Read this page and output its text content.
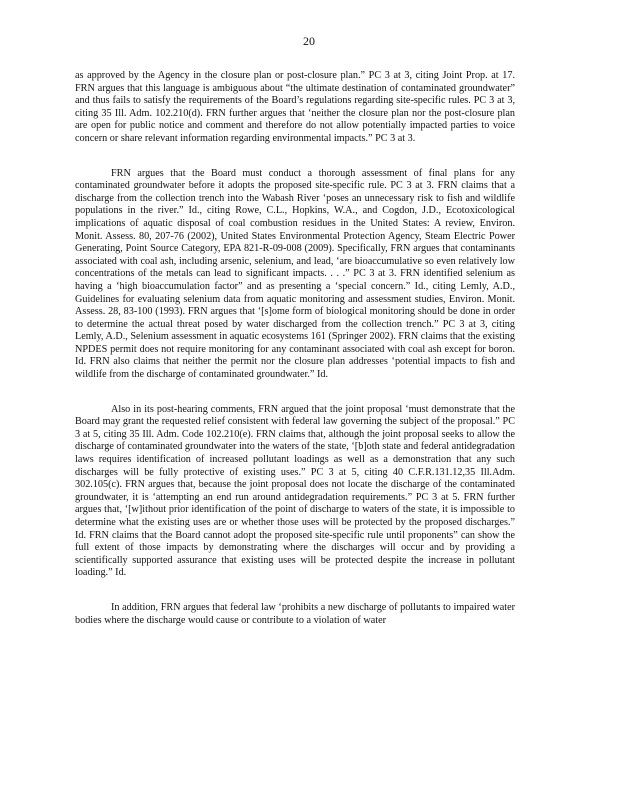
20

as approved by the Agency in the closure plan or post-closure plan.” PC 3 at 3, citing Joint Prop. at 17. FRN argues that this language is ambiguous about “the ultimate destination of contaminated groundwater” and thus fails to satisfy the requirements of the Board’s regulations regarding site-specific rules. PC 3 at 3, citing 35 Ill. Adm. 102.210(d). FRN further argues that ‘neither the closure plan nor the post-closure plan are open for public notice and comment and therefore do not allow potentially impacted parties to voice concern or share relevant information regarding environmental impacts.” PC 3 at 3.

FRN argues that the Board must conduct a thorough assessment of final plans for any contaminated groundwater before it adopts the proposed site-specific rule. PC 3 at 3. FRN claims that a discharge from the collection trench into the Wabash River ‘poses an unnecessary risk to fish and wildlife populations in the river.” Id., citing Rowe, C.L., Hopkins, W.A., and Cogdon, J.D., Ecotoxicological implications of aquatic disposal of coal combustion residues in the United States: A review, Environ. Monit. Assess. 80, 207-76 (2002), United States Environmental Protection Agency, Steam Electric Power Generating, Point Source Category, EPA 821-R-09-008 (2009). Specifically, FRN argues that contaminants associated with coal ash, including arsenic, selenium, and lead, ‘are bioaccumulative so even relatively low concentrations of the metals can lead to significant impacts. . . .” PC 3 at 3. FRN identified selenium as having a ‘high bioaccumulation factor” and as presenting a ‘special concern.” Id., citing Lemly, A.D., Guidelines for evaluating selenium data from aquatic monitoring and assessment studies, Environ. Monit. Assess. 28, 83-100 (1993). FRN argues that ‘[s]ome form of biological monitoring should be done in order to determine the actual threat posed by water discharged from the collection trench.” PC 3 at 3, citing Lemly, A.D., Selenium assessment in aquatic ecosystems 161 (Springer 2002). FRN claims that the existing NPDES permit does not require monitoring for any contaminant associated with coal ash except for boron. Id. FRN also claims that neither the permit nor the closure plan addresses ‘potential impacts to fish and wildlife from the discharge of contaminated groundwater.” Id.

Also in its post-hearing comments, FRN argued that the joint proposal ‘must demonstrate that the Board may grant the requested relief consistent with federal law governing the subject of the proposal.” PC 3 at 5, citing 35 Ill. Adm. Code 102.210(e). FRN claims that, although the joint proposal seeks to allow the discharge of contaminated groundwater into the waters of the state, ‘[b]oth state and federal antidegradation laws requires identification of increased pollutant loadings as well as a demonstration that any such discharges will be fully protective of existing uses.” PC 3 at 5, citing 40 C.F.R.131.12,35 Ill.Adm. 302.105(c). FRN argues that, because the joint proposal does not locate the discharge of the contaminated groundwater, it is ‘attempting an end run around antidegradation requirements.” PC 3 at 5. FRN further argues that, ‘[w]ithout prior identification of the point of discharge to waters of the state, it is impossible to determine what the existing uses are or whether those uses will be protected by the proposed discharges.” Id. FRN claims that the Board cannot adopt the proposed site-specific rule until proponents” can show the full extent of those impacts by demonstrating where the discharges will occur and by providing a scientifically supported assurance that existing uses will be protected despite the increase in pollutant loading.” Id.

In addition, FRN argues that federal law ‘prohibits a new discharge of pollutants to impaired water bodies where the discharge would cause or contribute to a violation of water
